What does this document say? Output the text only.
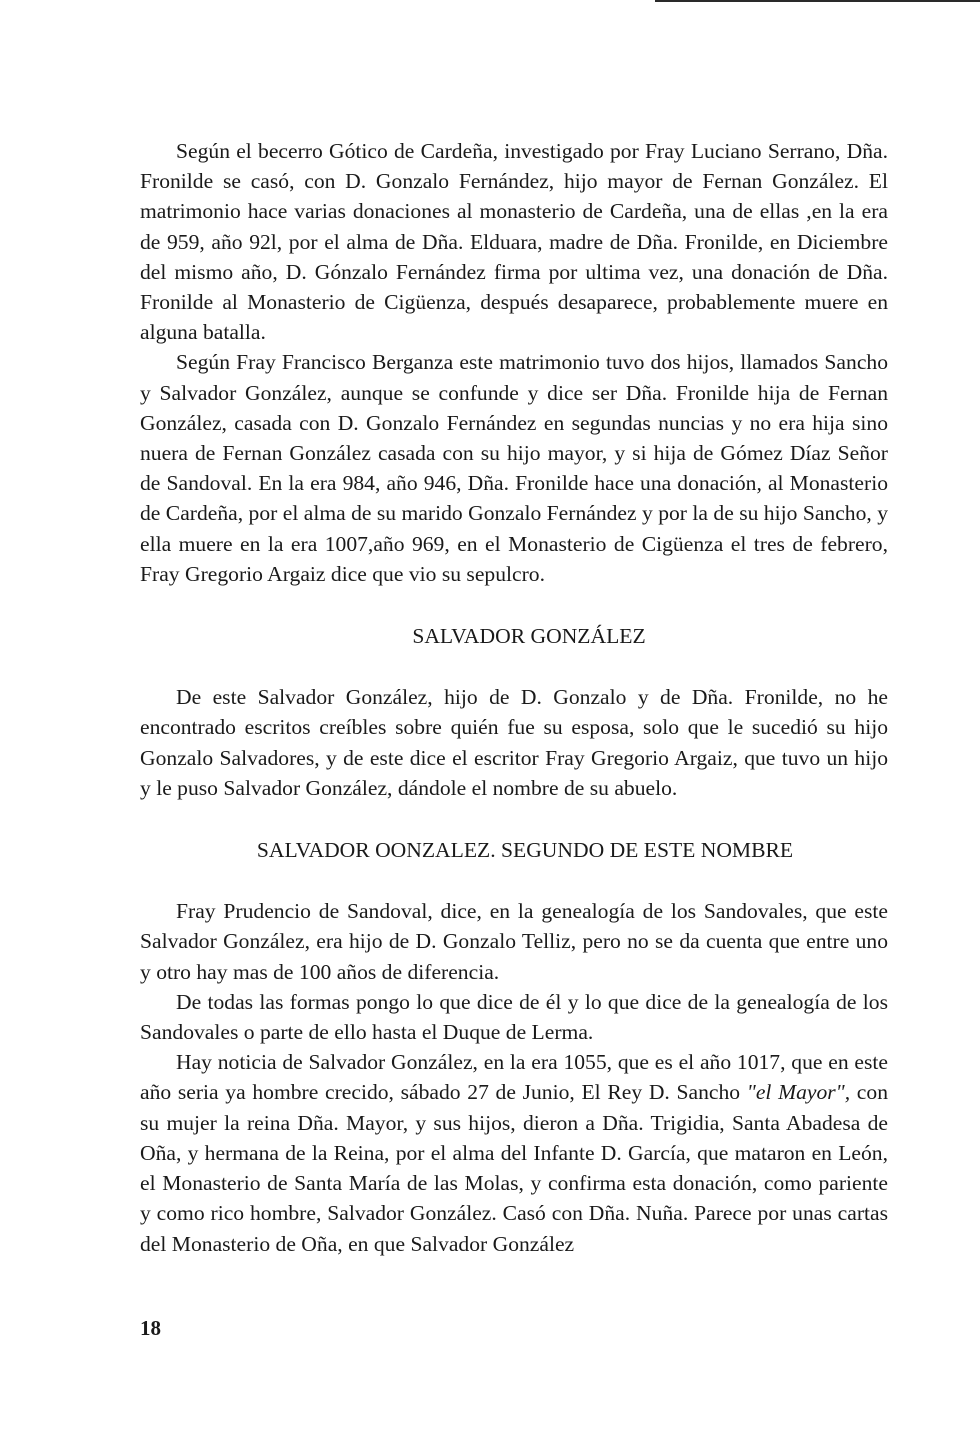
Según el becerro Gótico de Cardeña, investigado por Fray Luciano Serrano, Dña. Fronilde se casó, con D. Gonzalo Fernández, hijo mayor de Fernan González. El matrimonio hace varias donaciones al monasterio de Cardeña, una de ellas ,en la era de 959, año 92l, por el alma de Dña. Elduara, madre de Dña. Fronilde, en Diciembre del mismo año, D. Gónzalo Fernández firma por ultima vez, una donación de Dña. Fronilde al Monasterio de Cigüenza, después desaparece, probablemente muere en alguna batalla.

Según Fray Francisco Berganza este matrimonio tuvo dos hijos, llamados Sancho y Salvador González, aunque se confunde y dice ser Dña. Fronilde hija de Fernan González, casada con D. Gonzalo Fernández en segundas nuncias y no era hija sino nuera de Fernan González casada con su hijo mayor, y si hija de Gómez Díaz Señor de Sandoval. En la era 984, año 946, Dña. Fronilde hace una donación, al Monasterio de Cardeña, por el alma de su marido Gonzalo Fernández y por la de su hijo Sancho, y ella muere en la era 1007,año 969, en el Monasterio de Cigüenza el tres de febrero, Fray Gregorio Argaiz dice que vio su sepulcro.

SALVADOR GONZÁLEZ

De este Salvador González, hijo de D. Gonzalo y de Dña. Fronilde, no he encontrado escritos creíbles sobre quién fue su esposa, solo que le sucedió su hijo Gonzalo Salvadores, y de este dice el escritor Fray Gregorio Argaiz, que tuvo un hijo y le puso Salvador González, dándole el nombre de su abuelo.

SALVADOR OONZALEZ. SEGUNDO DE ESTE NOMBRE

Fray Prudencio de Sandoval, dice, en la genealogía de los Sandovales, que este Salvador González, era hijo de D. Gonzalo Telliz, pero no se da cuenta que entre uno y otro hay mas de 100 años de diferencia.

De todas las formas pongo lo que dice de él y lo que dice de la genealogía de los Sandovales o parte de ello hasta el Duque de Lerma.

Hay noticia de Salvador González, en la era 1055, que es el año 1017, que en este año seria ya hombre crecido, sábado 27 de Junio, El Rey D. Sancho "el Mayor", con su mujer la reina Dña. Mayor, y sus hijos, dieron a Dña. Trigidia, Santa Abadesa de Oña, y hermana de la Reina, por el alma del Infante D. García, que mataron en León, el Monasterio de Santa María de las Molas, y confirma esta donación, como pariente y como rico hombre, Salvador González. Casó con Dña. Nuña. Parece por unas cartas del Monasterio de Oña, en que Salvador González

18
